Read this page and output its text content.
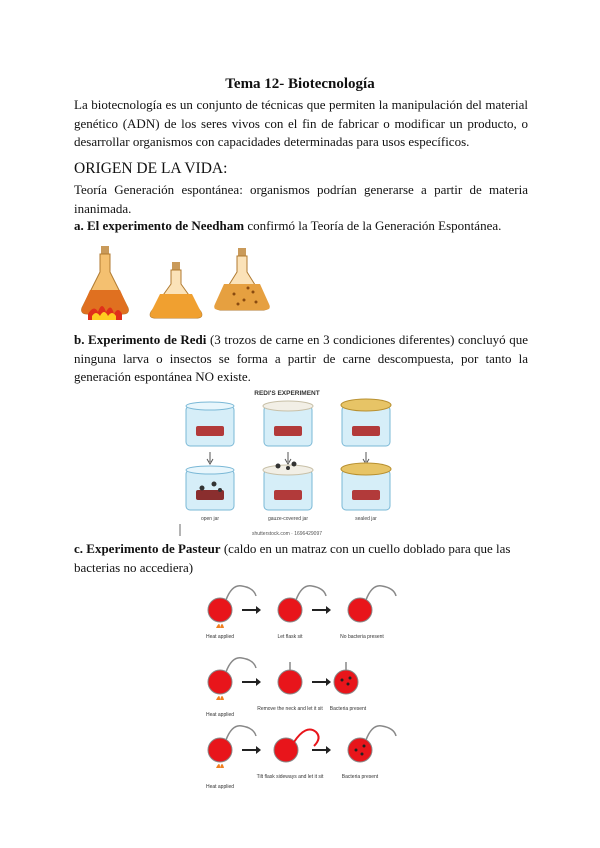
Tema 12- Biotecnología

La biotecnología es un conjunto de técnicas que permiten la manipulación del material genético (ADN) de los seres vivos con el fin de fabricar o modificar un producto, o desarrollar organismos con capacidades determinadas para usos específicos.

ORIGEN DE LA VIDA:

Teoría Generación espontánea: organismos podrían generarse a partir de materia inanimada.

a. El experimento de Needham confirmó la Teoría de la Generación Espontánea.

b. Experimento de Redi (3 trozos de carne en 3 condiciones diferentes) concluyó que ninguna larva o insectos se forma a partir de carne descompuesta, por tanto la generación espontánea NO existe.

REDI'S EXPERIMENT
open jar	gauze-covered jar	sealed jar
shutterstock.com · 1696429097

c. Experimento de Pasteur (caldo en un matraz con un cuello doblado para que las bacterias no accediera)

Heat applied	Let flask sit	No bacteria present
Heat applied
Remove the neck and let it sit Bacteria present
Heat applied
Tilt flask sideways and let it sit	Bacteria present
